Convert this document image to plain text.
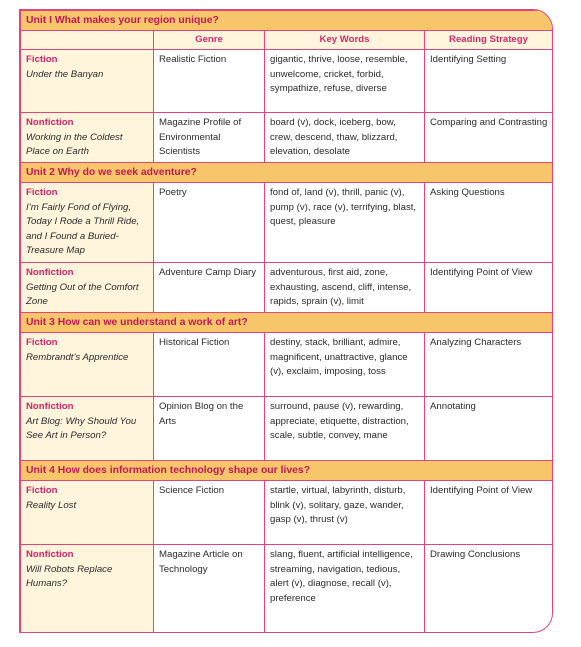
Unit I What makes your region unique?			
	Genre	Key Words	Reading Strategy

Fiction
Under the Banyan	Realistic Fiction	gigantic, thrive, loose, resemble, unwelcome, cricket, forbid, sympathize, refuse, diverse	Identifying Setting

Nonfiction
Working in the Coldest Place on Earth	Magazine Profile of Environmental Scientists	board (v), dock, iceberg, bow, crew, descend, thaw, blizzard, elevation, desolate	Comparing and Contrasting
Unit 2 Why do we seek adventure?			

Fiction
I’m Fairly Fond of Flying, Today I Rode a Thrill Ride, and I Found a Buried-Treasure Map	Poetry	fond of, land (v), thrill, panic (v), pump (v), race (v), terrifying, blast, quest, pleasure	Asking Questions

Nonfiction
Getting Out of the Comfort Zone	Adventure Camp Diary	adventurous, first aid, zone, exhausting, ascend, cliff, intense, rapids, sprain (v), limit	Identifying Point of View
Unit 3 How can we understand a work of art?			

Fiction
Rembrandt’s Apprentice	Historical Fiction	destiny, stack, brilliant, admire, magnificent, unattractive, glance (v), exclaim, imposing, toss	Analyzing Characters

Nonfiction
Art Blog: Why Should You See Art in Person?	Opinion Blog on the Arts	surround, pause (v), rewarding, appreciate, etiquette, distraction, scale, subtle, convey, mane	Annotating
Unit 4 How does information technology shape our lives?			

Fiction
Reality Lost	Science Fiction	startle, virtual, labyrinth, disturb, blink (v), solitary, gaze, wander, gasp (v), thrust (v)	Identifying Point of View

Nonfiction
Will Robots Replace Humans?	Magazine Article on Technology	slang, fluent, artificial intelligence, streaming, navigation, tedious, alert (v), diagnose, recall (v), preference	Drawing Conclusions
